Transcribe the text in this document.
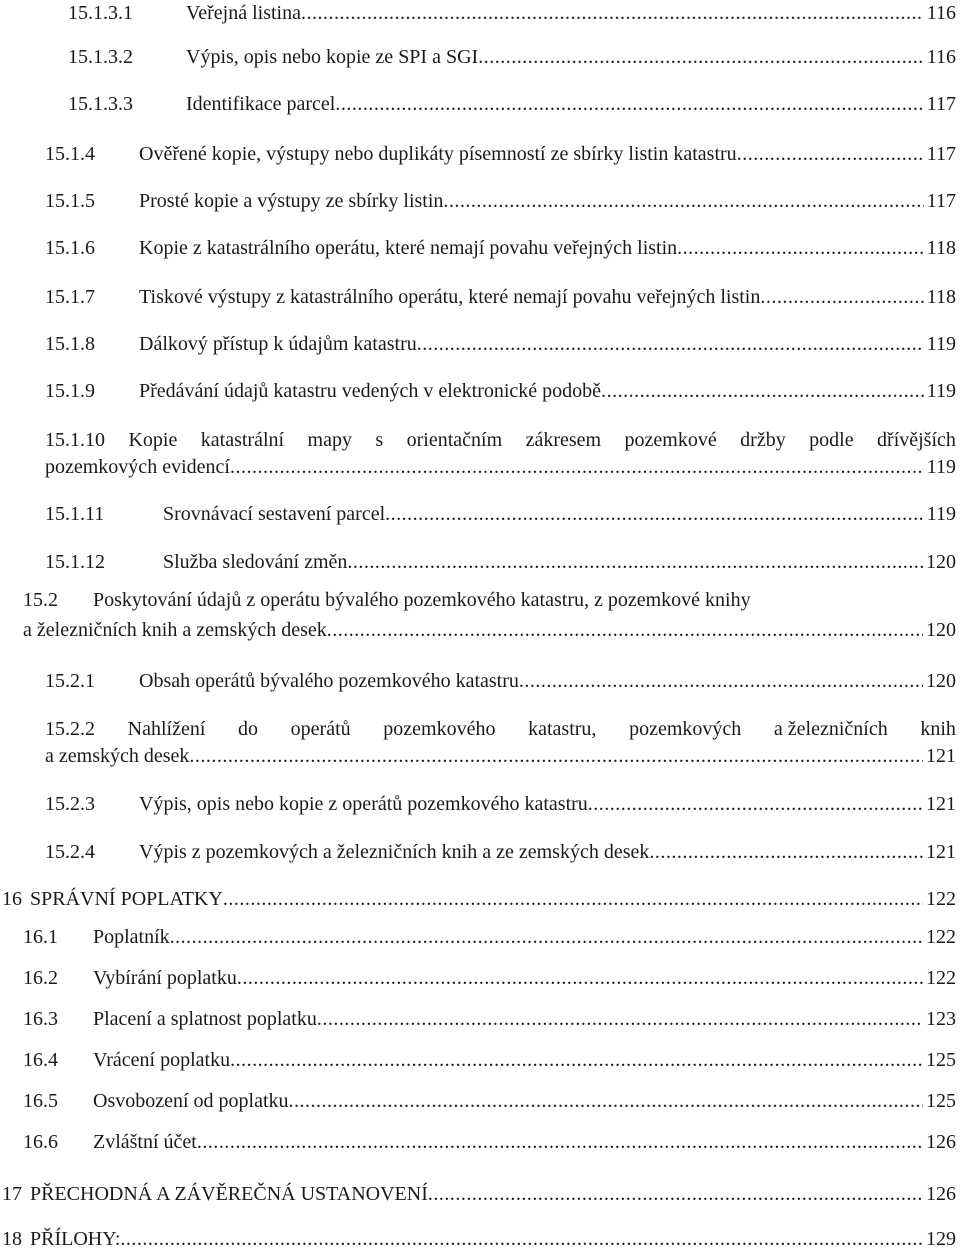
15.1.3.1	Veřejná listina .....	116
15.1.3.2	Výpis, opis nebo kopie ze SPI a SGI .....	116
15.1.3.3	Identifikace parcel .....	117
15.1.4	Ověřené kopie, výstupy nebo duplikáty písemností ze sbírky listin katastru .....	117
15.1.5	Prosté kopie a výstupy ze sbírky listin .....	117
15.1.6	Kopie z katastrálního operátu, které nemají povahu veřejných listin .....	118
15.1.7	Tiskové výstupy z katastrálního operátu, které nemají povahu veřejných listin .....	118
15.1.8	Dálkový přístup k údajům katastru .....	119
15.1.9	Předávání údajů katastru vedených v elektronické podobě .....	119
15.1.10 Kopie katastrální mapy s orientačním zákresem pozemkové držby podle dřívějších
pozemkových evidencí .....	119
15.1.11	Srovnávací sestavení parcel .....	119
15.1.12	Služba sledování změn .....	120
15.2 Poskytování údajů z operátu bývalého pozemkového katastru, z pozemkové knihy
a železničních knih a zemských desek .....	120
15.2.1	Obsah operátů bývalého pozemkového katastru .....	120
15.2.2 Nahlížení do operátů pozemkového katastru, pozemkových a železničních knih
a zemských desek .....	121
15.2.3	Výpis, opis nebo kopie z operátů pozemkového katastru .....	121
15.2.4	Výpis z pozemkových a železničních knih a ze zemských desek .....	121
16 SPRÁVNÍ POPLATKY .....	122
16.1	Poplatník .....	122
16.2	Vybírání poplatku .....	122
16.3	Placení a splatnost poplatku .....	123
16.4	Vrácení poplatku .....	125
16.5	Osvobození od poplatku .....	125
16.6	Zvláštní účet .....	126
17 PŘECHODNÁ A ZÁVĚREČNÁ USTANOVENÍ .....	126
18 PŘÍLOHY: .....	129
